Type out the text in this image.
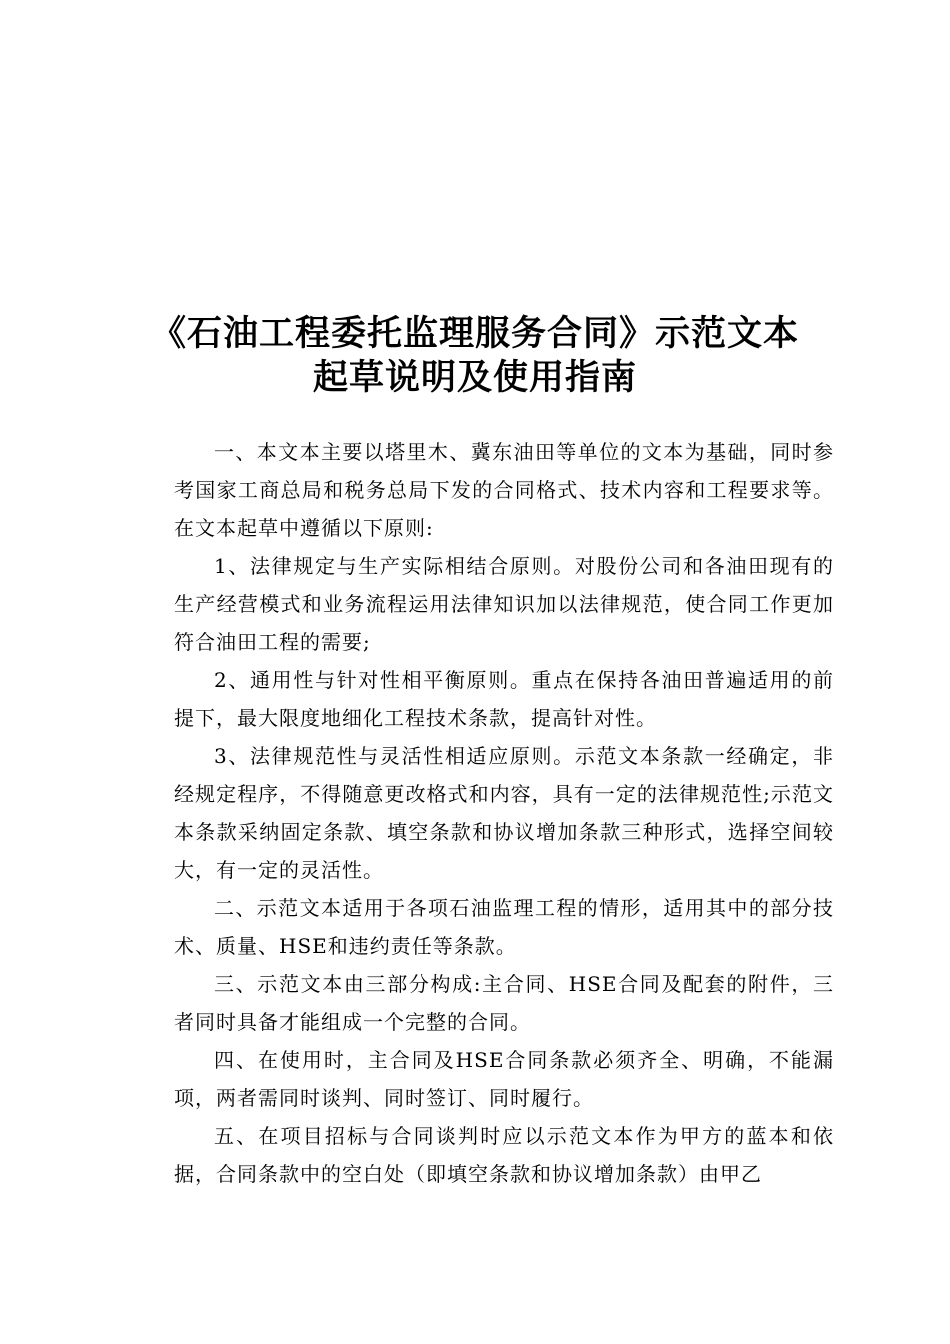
《石油工程委托监理服务合同》示范文本
起草说明及使用指南

一、本文本主要以塔里木、冀东油田等单位的文本为基础，同时参考国家工商总局和税务总局下发的合同格式、技术内容和工程要求等。在文本起草中遵循以下原则:

1、法律规定与生产实际相结合原则。对股份公司和各油田现有的生产经营模式和业务流程运用法律知识加以法律规范，使合同工作更加符合油田工程的需要;

2、通用性与针对性相平衡原则。重点在保持各油田普遍适用的前提下，最大限度地细化工程技术条款，提高针对性。

3、法律规范性与灵活性相适应原则。示范文本条款一经确定，非经规定程序，不得随意更改格式和内容，具有一定的法律规范性;示范文本条款采纳固定条款、填空条款和协议增加条款三种形式，选择空间较大，有一定的灵活性。

二、示范文本适用于各项石油监理工程的情形，适用其中的部分技术、质量、HSE和违约责任等条款。

三、示范文本由三部分构成:主合同、HSE合同及配套的附件，三者同时具备才能组成一个完整的合同。

四、在使用时，主合同及HSE合同条款必须齐全、明确，不能漏项，两者需同时谈判、同时签订、同时履行。

五、在项目招标与合同谈判时应以示范文本作为甲方的蓝本和依据，合同条款中的空白处（即填空条款和协议增加条款）由甲乙
